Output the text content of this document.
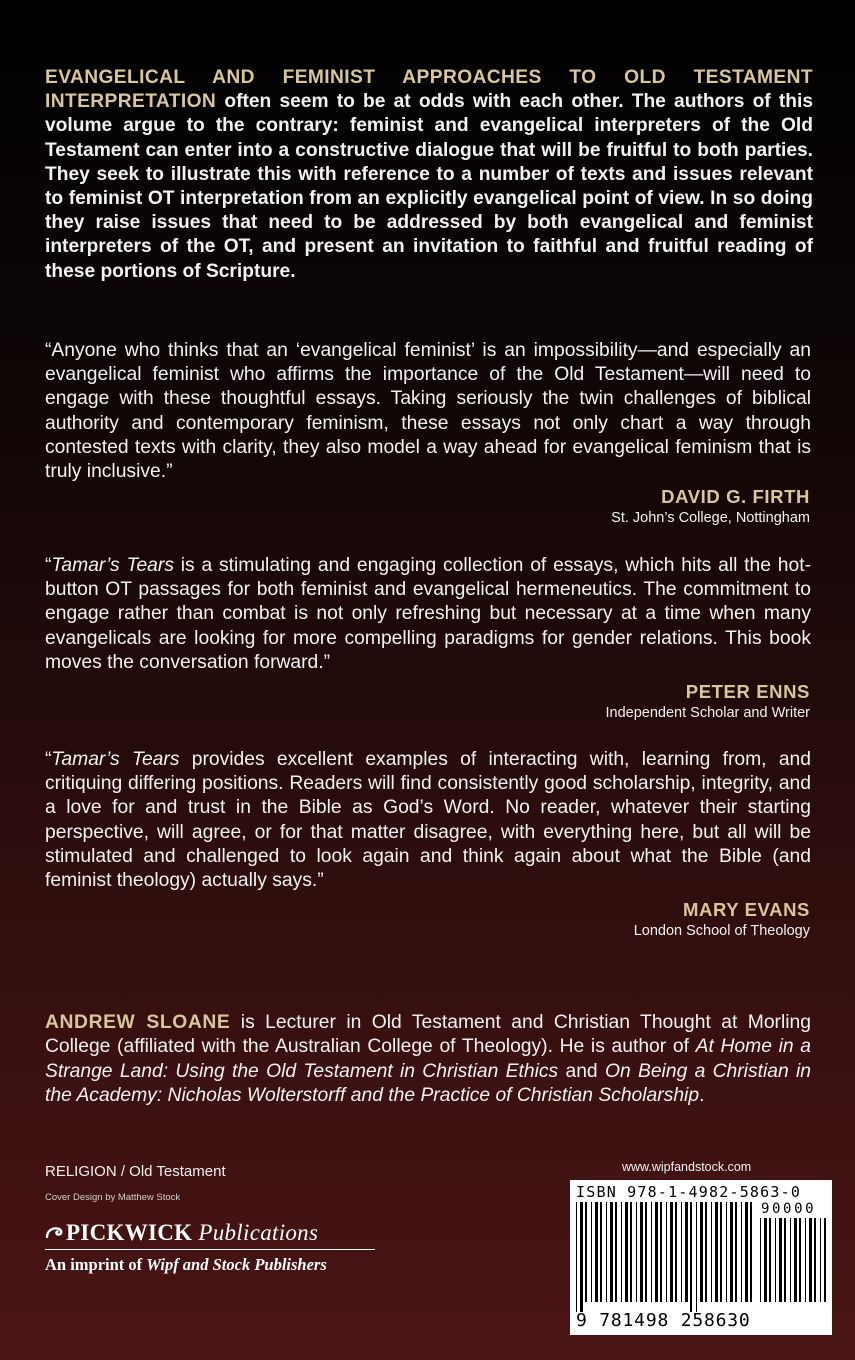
EVANGELICAL AND FEMINIST APPROACHES TO OLD TESTAMENT INTERPRETATION often seem to be at odds with each other. The authors of this volume argue to the contrary: feminist and evangelical interpreters of the Old Testament can enter into a constructive dialogue that will be fruitful to both parties. They seek to illustrate this with reference to a number of texts and issues relevant to feminist OT interpretation from an explicitly evangelical point of view. In so doing they raise issues that need to be addressed by both evangelical and feminist interpreters of the OT, and present an invitation to faithful and fruitful reading of these portions of Scripture.

“Anyone who thinks that an ‘evangelical feminist’ is an impossibility—and especially an evangelical feminist who affirms the importance of the Old Testament—will need to engage with these thoughtful essays. Taking seriously the twin challenges of biblical authority and contemporary feminism, these essays not only chart a way through contested texts with clarity, they also model a way ahead for evangelical feminism that is truly inclusive.”

DAVID G. FIRTH
St. John’s College, Nottingham

“Tamar’s Tears is a stimulating and engaging collection of essays, which hits all the hot-button OT passages for both feminist and evangelical hermeneutics. The commitment to engage rather than combat is not only refreshing but necessary at a time when many evangelicals are looking for more compelling paradigms for gender relations. This book moves the conversation forward.”

PETER ENNS
Independent Scholar and Writer

“Tamar’s Tears provides excellent examples of interacting with, learning from, and critiquing differing positions. Readers will find consistently good scholarship, integrity, and a love for and trust in the Bible as God’s Word. No reader, whatever their starting perspective, will agree, or for that matter disagree, with everything here, but all will be stimulated and challenged to look again and think again about what the Bible (and feminist theology) actually says.”

MARY EVANS
London School of Theology

ANDREW SLOANE is Lecturer in Old Testament and Christian Thought at Morling College (affiliated with the Australian College of Theology). He is author of At Home in a Strange Land: Using the Old Testament in Christian Ethics and On Being a Christian in the Academy: Nicholas Wolterstorff and the Practice of Christian Scholarship.

RELIGION / Old Testament
Cover Design by Matthew Stock
PICKWICK Publications
An imprint of Wipf and Stock Publishers
www.wipfandstock.com
ISBN 978-1-4982-5863-0
90000
9 781498 258630
